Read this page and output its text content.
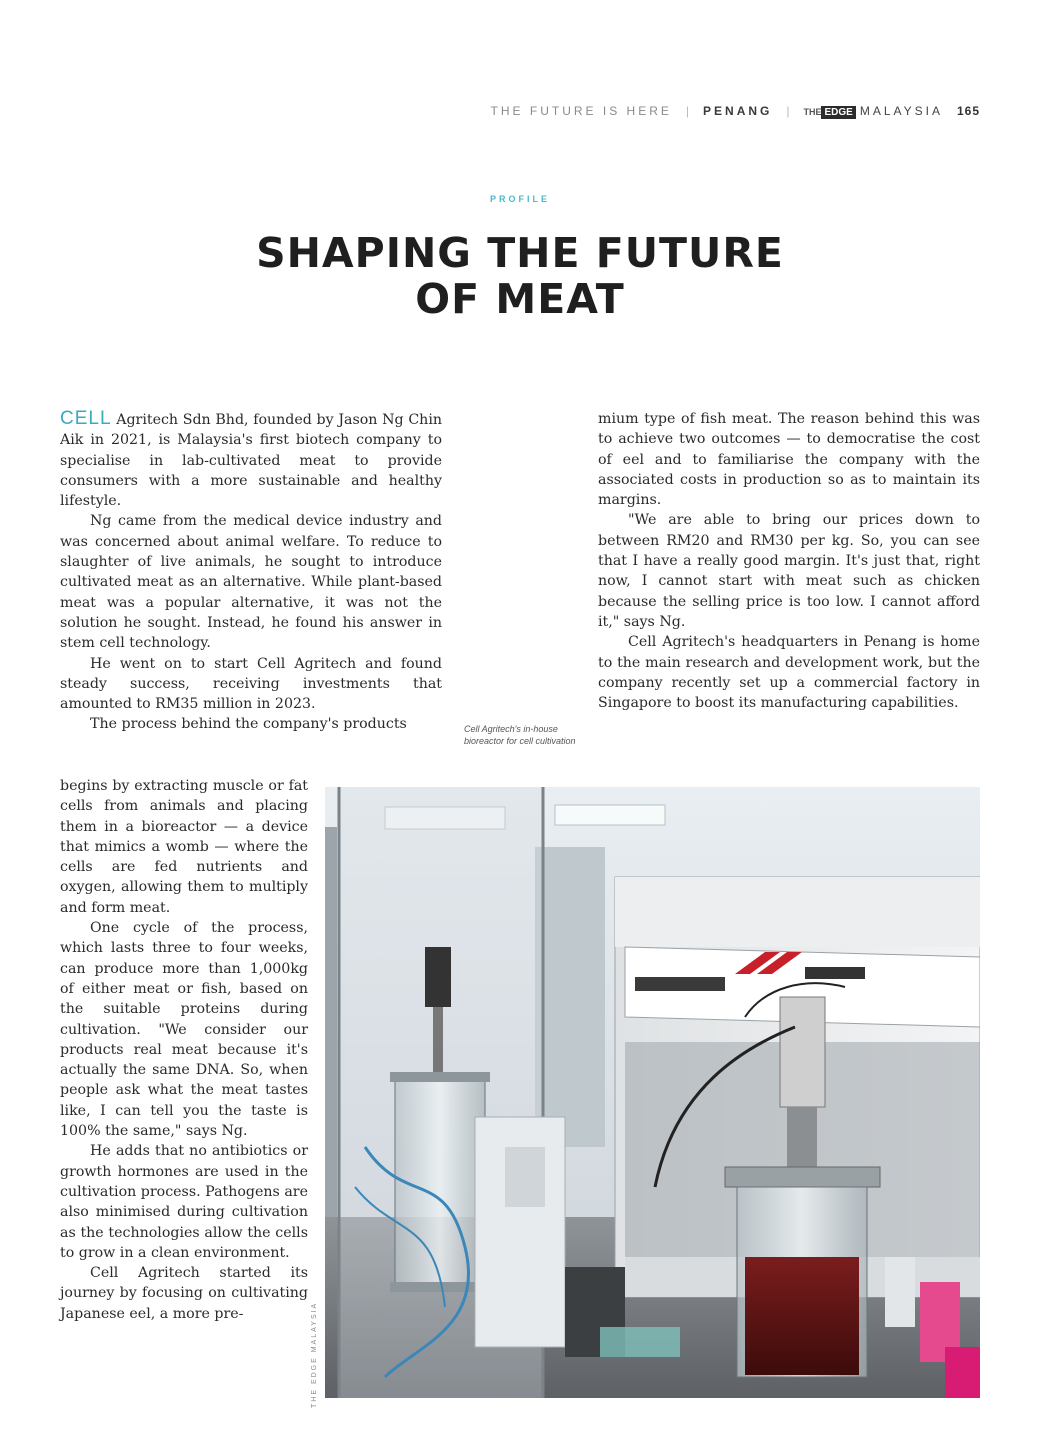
THE FUTURE IS HERE | PENANG | THE EDGE MALAYSIA 165
PROFILE
SHAPING THE FUTURE
OF MEAT

CELL Agritech Sdn Bhd, founded by Jason Ng Chin Aik in 2021, is Malaysia's first biotech company to specialise in lab-cultivated meat to provide consumers with a more sustainable and healthy lifestyle.

Ng came from the medical device industry and was concerned about animal welfare. To reduce to slaughter of live animals, he sought to introduce cultivated meat as an alternative. While plant-based meat was a popular alternative, it was not the solution he sought. Instead, he found his answer in stem cell technology.

He went on to start Cell Agritech and found steady success, receiving investments that amounted to RM35 million in 2023.

The process behind the company's products

begins by extracting muscle or fat cells from animals and placing them in a bioreactor — a device that mimics a womb — where the cells are fed nutrients and oxygen, allowing them to multiply and form meat.

One cycle of the process, which lasts three to four weeks, can produce more than 1,000kg of either meat or fish, based on the suitable proteins during cultivation. "We consider our products real meat because it's actually the same DNA. So, when people ask what the meat tastes like, I can tell you the taste is 100% the same," says Ng.

He adds that no antibiotics or growth hormones are used in the cultivation process. Pathogens are also minimised during cultivation as the technologies allow the cells to grow in a clean environment.

Cell Agritech started its journey by focusing on cultivating Japanese eel, a more pre-

mium type of fish meat. The reason behind this was to achieve two outcomes — to democratise the cost of eel and to familiarise the company with the associated costs in production so as to maintain its margins.

"We are able to bring our prices down to between RM20 and RM30 per kg. So, you can see that I have a really good margin. It's just that, right now, I cannot start with meat such as chicken because the selling price is too low. I cannot afford it," says Ng.

Cell Agritech's headquarters in Penang is home to the main research and development work, but the company recently set up a commercial factory in Singapore to boost its manufacturing capabilities.

Cell Agritech's in-house bioreactor for cell cultivation
THE EDGE MALAYSIA
